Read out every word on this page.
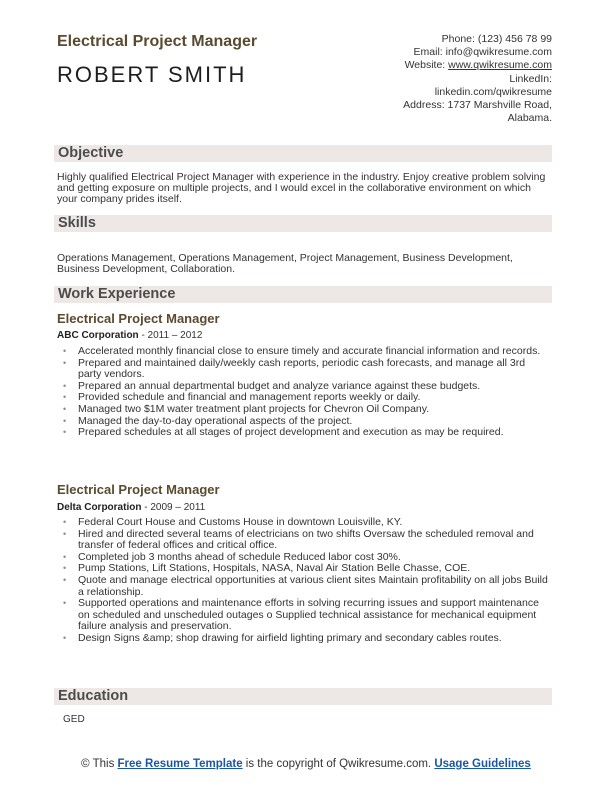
Electrical Project Manager
ROBERT SMITH
Phone: (123) 456 78 99
Email: info@qwikresume.com
Website: www.qwikresume.com
LinkedIn:
linkedin.com/qwikresume
Address: 1737 Marshville Road,
Alabama.
Objective
Highly qualified Electrical Project Manager with experience in the industry. Enjoy creative problem solving and getting exposure on multiple projects, and I would excel in the collaborative environment on which your company prides itself.
Skills
Operations Management, Operations Management, Project Management, Business Development, Business Development, Collaboration.
Work Experience
Electrical Project Manager
ABC Corporation - 2011 – 2012
• Accelerated monthly financial close to ensure timely and accurate financial information and records.
• Prepared and maintained daily/weekly cash reports, periodic cash forecasts, and manage all 3rd party vendors.
• Prepared an annual departmental budget and analyze variance against these budgets.
• Provided schedule and financial and management reports weekly or daily.
• Managed two $1M water treatment plant projects for Chevron Oil Company.
• Managed the day-to-day operational aspects of the project.
• Prepared schedules at all stages of project development and execution as may be required.
Electrical Project Manager
Delta Corporation - 2009 – 2011
• Federal Court House and Customs House in downtown Louisville, KY.
• Hired and directed several teams of electricians on two shifts Oversaw the scheduled removal and transfer of federal offices and critical office.
• Completed job 3 months ahead of schedule Reduced labor cost 30%.
• Pump Stations, Lift Stations, Hospitals, NASA, Naval Air Station Belle Chasse, COE.
• Quote and manage electrical opportunities at various client sites Maintain profitability on all jobs Build a relationship.
• Supported operations and maintenance efforts in solving recurring issues and support maintenance on scheduled and unscheduled outages o Supplied technical assistance for mechanical equipment failure analysis and preservation.
• Design Signs &amp; shop drawing for airfield lighting primary and secondary cables routes.
Education
GED
© This Free Resume Template is the copyright of Qwikresume.com. Usage Guidelines
